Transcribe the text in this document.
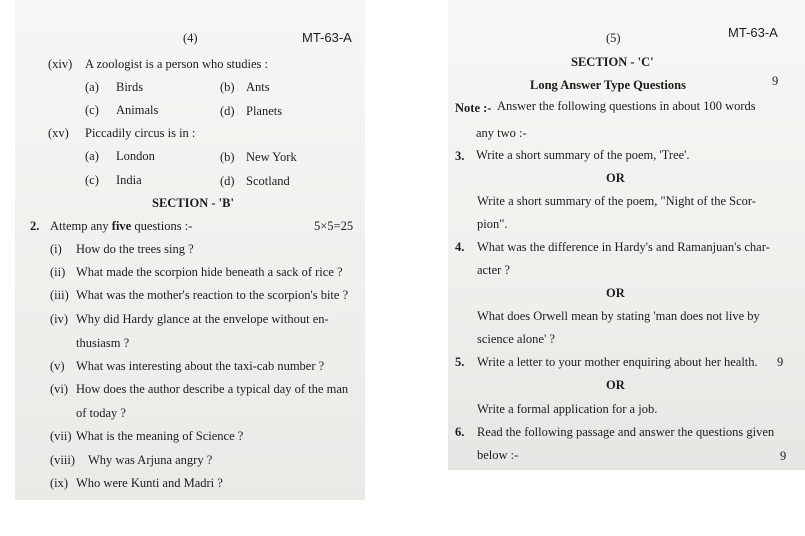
(4)	MT-63-A
(xiv) A zoologist is a person who studies :
(a) Birds	(b) Ants
(c) Animals	(d) Planets
(xv) Piccadily circus is in :
(a) London	(b) New York
(c) India	(d) Scotland
SECTION - 'B'
2. Attemp any five questions :-	5×5=25
(i) How do the trees sing ?
(ii) What made the scorpion hide beneath a sack of rice ?
(iii) What was the mother's reaction to the scorpion's bite ?
(iv) Why did Hardy glance at the envelope without en-
thusiasm ?
(v) What was interesting about the taxi-cab number ?
(vi) How does the author describe a typical day of the man
of today ?
(vii) What is the meaning of Science ?
(viii) Why was Arjuna angry ?
(ix) Who were Kunti and Madri ?
(5)	MT-63-A
SECTION - 'C'
Long Answer Type Questions	9
Note :- Answer the following questions in about 100 words
any two :-
3. Write a short summary of the poem, 'Tree'.
OR
Write a short summary of the poem, "Night of the Scor-
pion".
4. What was the difference in Hardy's and Ramanjuan's char-
acter ?
OR
What does Orwell mean by stating 'man does not live by
science alone' ?
5. Write a letter to your mother enquiring about her health. 9
OR
Write a formal application for a job.
6. Read the following passage and answer the questions given
below :-	9
